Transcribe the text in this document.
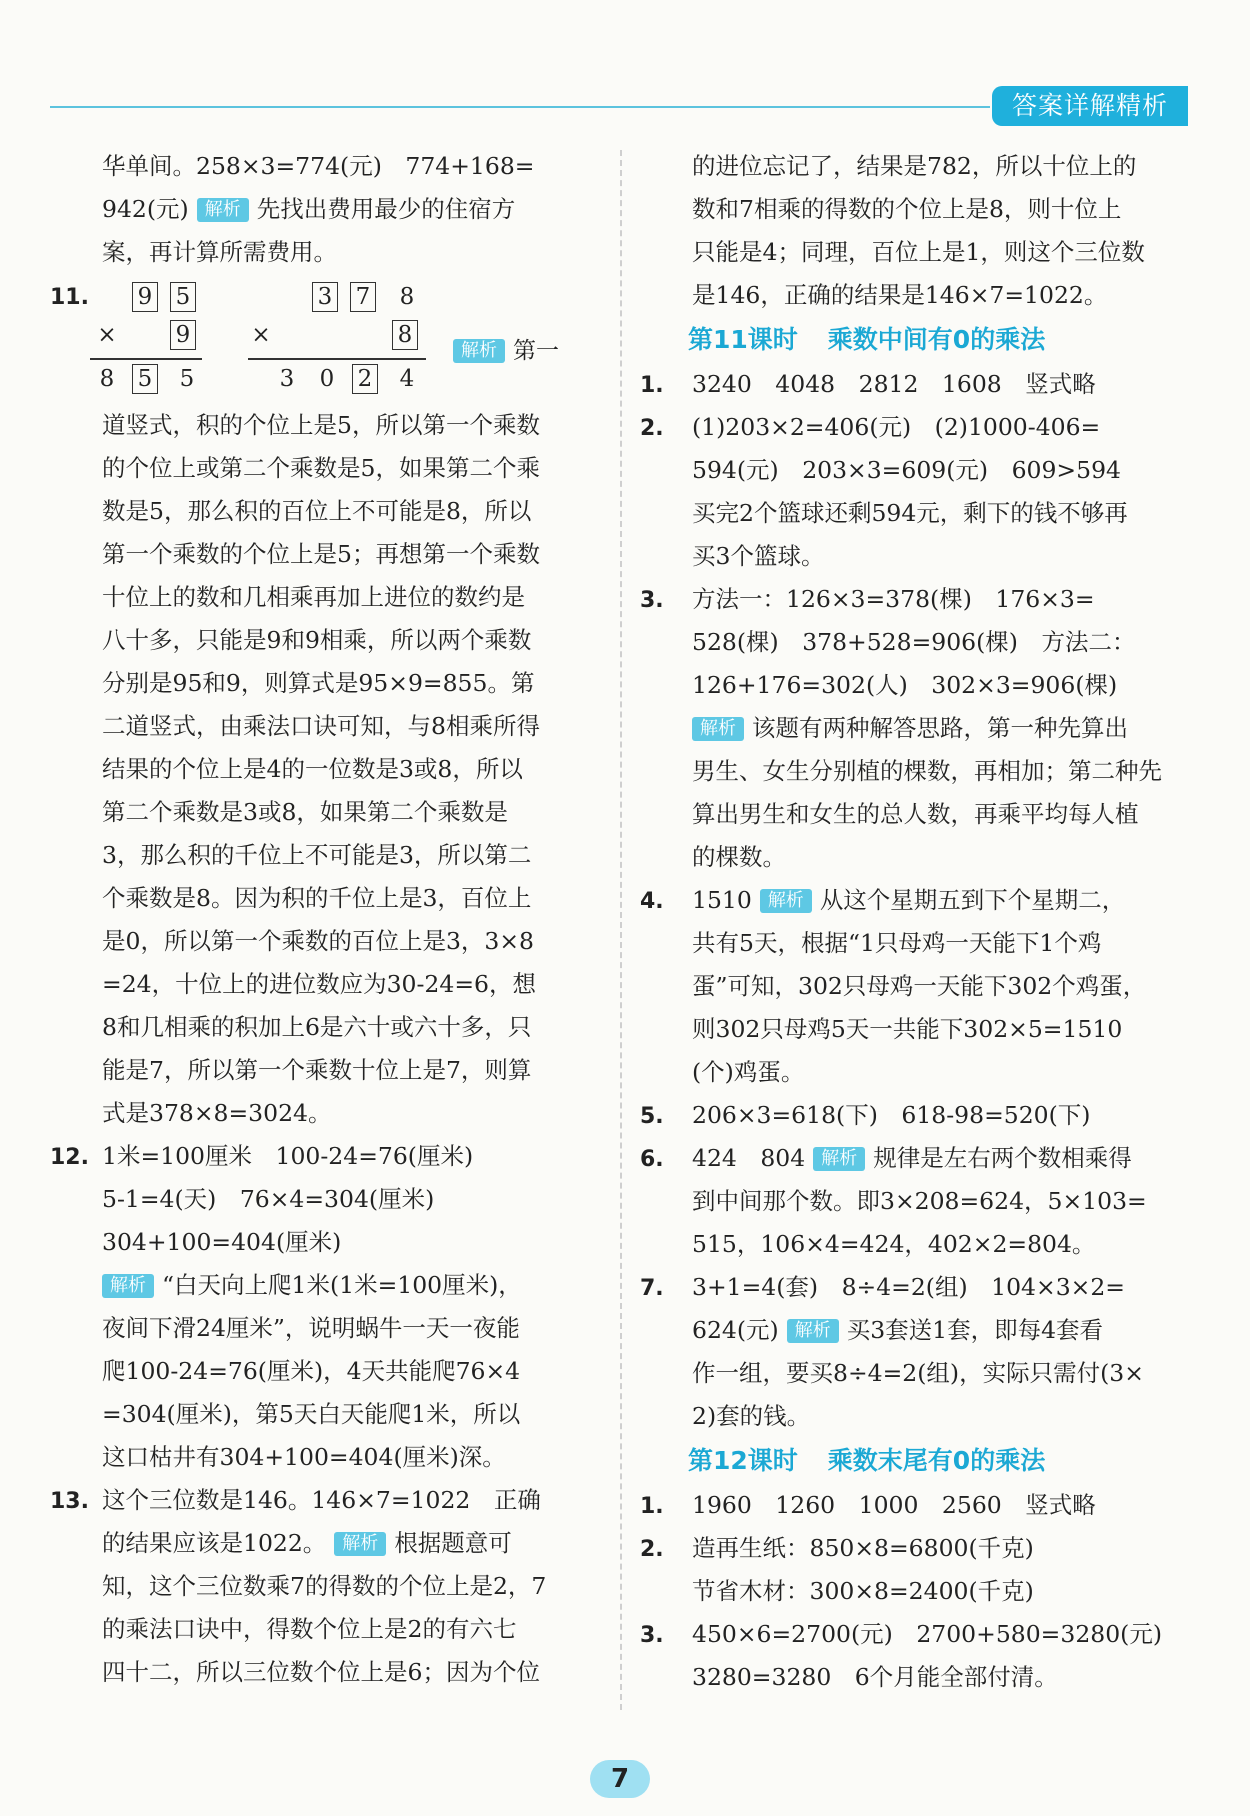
答案详解精析
华单间。258×3=774(元)　774+168=
942(元) 解析 先找出费用最少的住宿方
案，再计算所需费用。
11. 9 5
×	9
8	5	5
3 7	8
×	8
3	0	2	4
解析 第一
道竖式，积的个位上是5，所以第一个乘数
的个位上或第二个乘数是5，如果第二个乘
数是5，那么积的百位上不可能是8，所以
第一个乘数的个位上是5；再想第一个乘数
十位上的数和几相乘再加上进位的数约是
八十多，只能是9和9相乘，所以两个乘数
分别是95和9，则算式是95×9=855。第
二道竖式，由乘法口诀可知，与8相乘所得
结果的个位上是4的一位数是3或8，所以
第二个乘数是3或8，如果第二个乘数是
3，那么积的千位上不可能是3，所以第二
个乘数是8。因为积的千位上是3，百位上
是0，所以第一个乘数的百位上是3，3×8
=24，十位上的进位数应为30-24=6，想
8和几相乘的积加上6是六十或六十多，只
能是7，所以第一个乘数十位上是7，则算
式是378×8=3024。
12. 1米=100厘米　100-24=76(厘米)
5-1=4(天)　76×4=304(厘米)
304+100=404(厘米)
解析 “白天向上爬1米(1米=100厘米)，
夜间下滑24厘米”，说明蜗牛一天一夜能
爬100-24=76(厘米)，4天共能爬76×4
=304(厘米)，第5天白天能爬1米，所以
这口枯井有304+100=404(厘米)深。
13. 这个三位数是146。146×7=1022　正确
的结果应该是1022。 解析 根据题意可
知，这个三位数乘7的得数的个位上是2，7
的乘法口诀中，得数个位上是2的有六七
四十二，所以三位数个位上是6；因为个位
的进位忘记了，结果是782，所以十位上的
数和7相乘的得数的个位上是8，则十位上
只能是4；同理，百位上是1，则这个三位数
是146，正确的结果是146×7=1022。
第11课时 乘数中间有0的乘法
1. 3240　4048　2812　1608　竖式略
2. (1)203×2=406(元)　(2)1000-406=
594(元)　203×3=609(元)　609>594
买完2个篮球还剩594元，剩下的钱不够再
买3个篮球。
3. 方法一：126×3=378(棵)　176×3=
528(棵)　378+528=906(棵)　方法二：
126+176=302(人)　302×3=906(棵)
解析 该题有两种解答思路，第一种先算出
男生、女生分别植的棵数，再相加；第二种先
算出男生和女生的总人数，再乘平均每人植
的棵数。
4. 1510 解析 从这个星期五到下个星期二，
共有5天，根据“1只母鸡一天能下1个鸡
蛋”可知，302只母鸡一天能下302个鸡蛋，
则302只母鸡5天一共能下302×5=1510
(个)鸡蛋。
5. 206×3=618(下)　618-98=520(下)
6. 424　804 解析 规律是左右两个数相乘得
到中间那个数。即3×208=624，5×103=
515，106×4=424，402×2=804。
7. 3+1=4(套)　8÷4=2(组)　104×3×2=
624(元) 解析 买3套送1套，即每4套看
作一组，要买8÷4=2(组)，实际只需付(3×
2)套的钱。
第12课时 乘数末尾有0的乘法
1. 1960　1260　1000　2560　竖式略
2. 造再生纸：850×8=6800(千克)
节省木材：300×8=2400(千克)
3. 450×6=2700(元)　2700+580=3280(元)
3280=3280　6个月能全部付清。
7
